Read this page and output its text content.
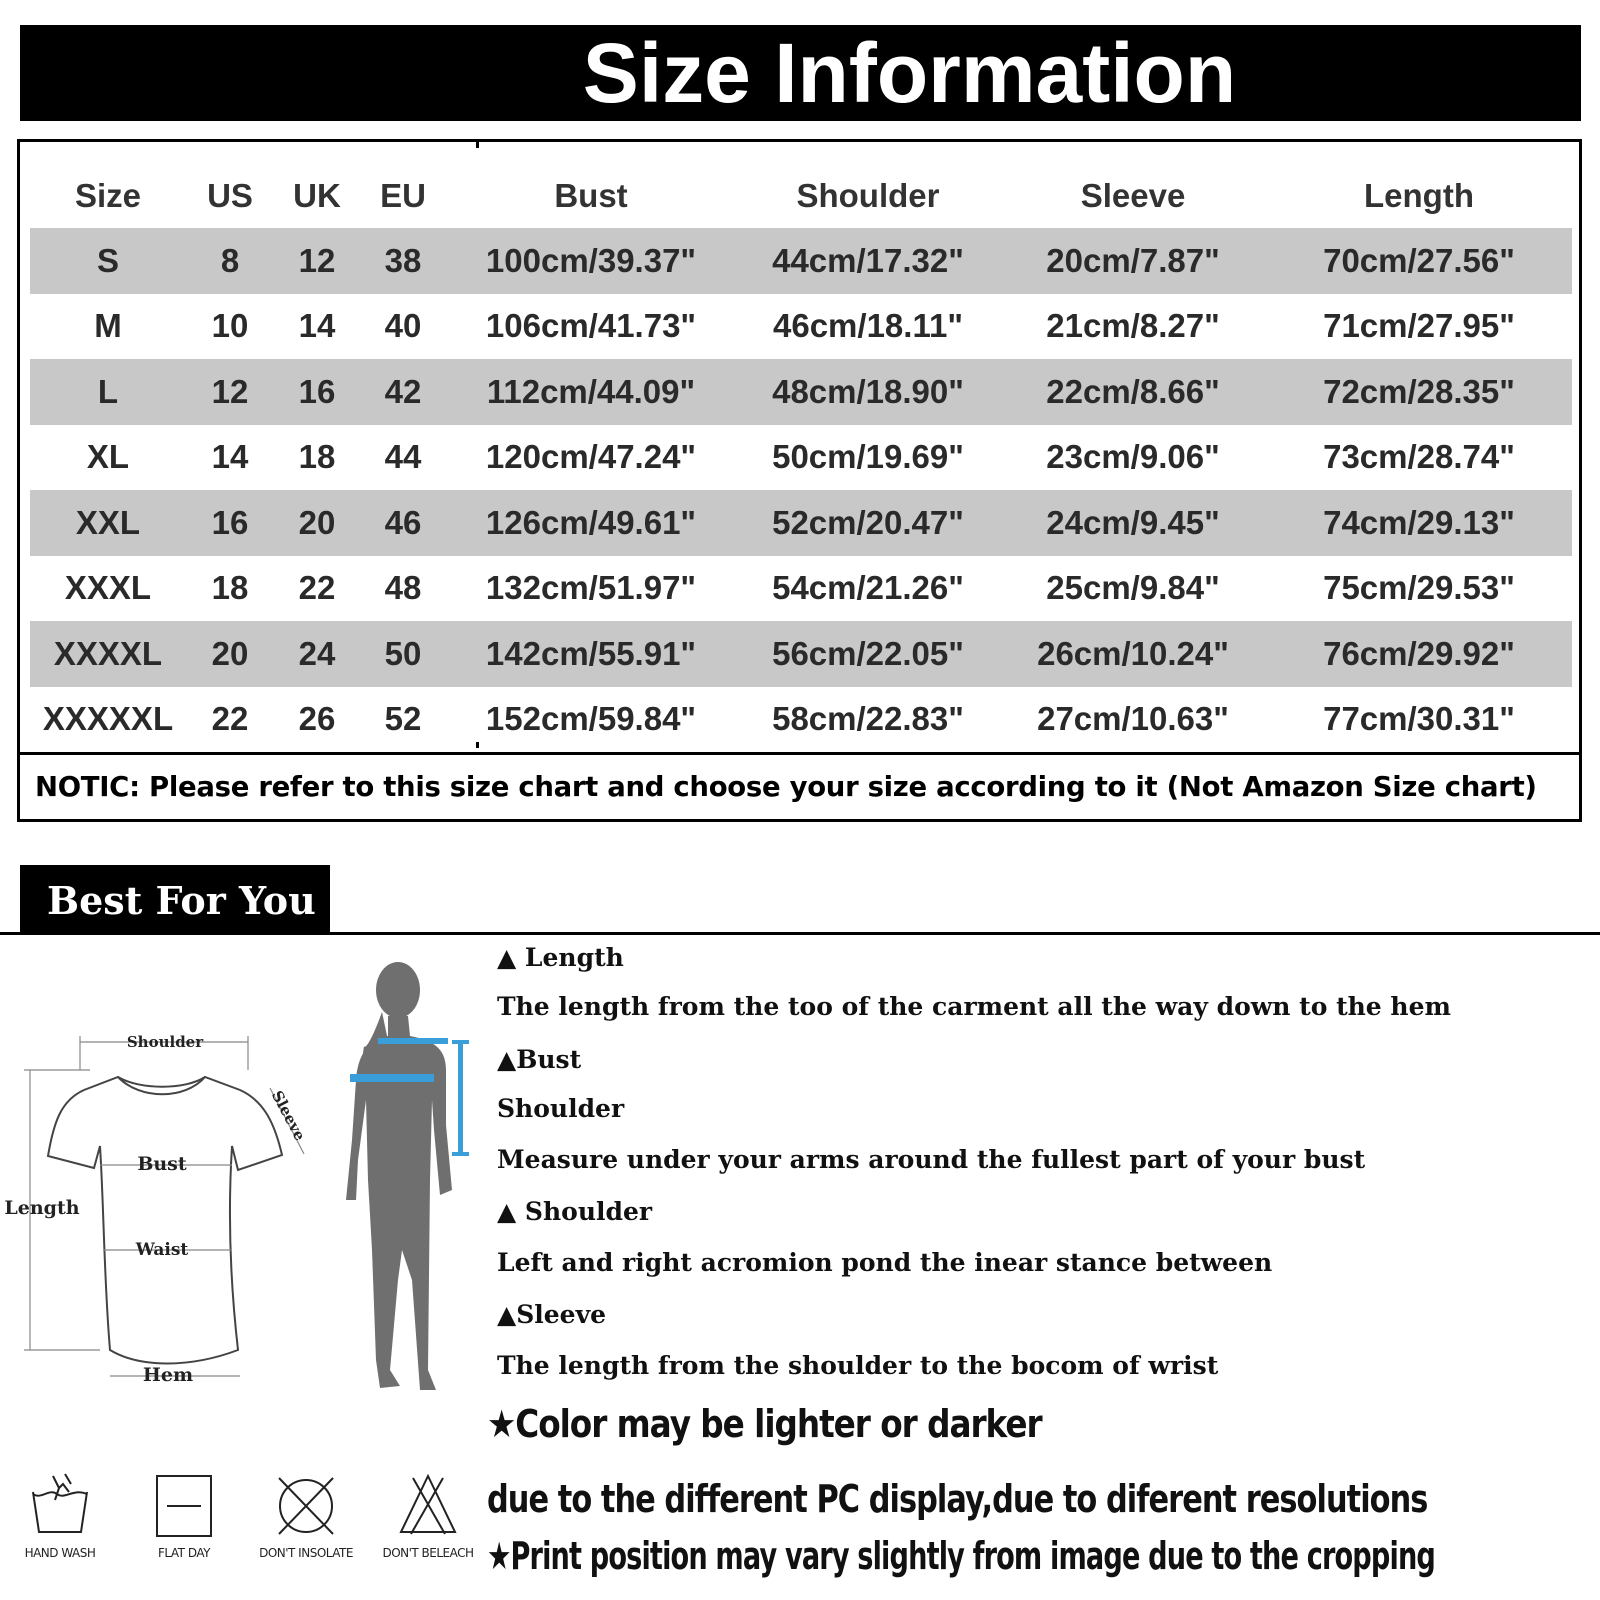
Size Information
Size	US	UK	EU	Bust	Shoulder	Sleeve	Length
S	8	12	38	100cm/39.37"	44cm/17.32"	20cm/7.87"	70cm/27.56"
M	10	14	40	106cm/41.73"	46cm/18.11"	21cm/8.27"	71cm/27.95"
L	12	16	42	112cm/44.09"	48cm/18.90"	22cm/8.66"	72cm/28.35"
XL	14	18	44	120cm/47.24"	50cm/19.69"	23cm/9.06"	73cm/28.74"
XXL	16	20	46	126cm/49.61"	52cm/20.47"	24cm/9.45"	74cm/29.13"
XXXL	18	22	48	132cm/51.97"	54cm/21.26"	25cm/9.84"	75cm/29.53"
XXXXL	20	24	50	142cm/55.91"	56cm/22.05"	26cm/10.24"	76cm/29.92"
XXXXXL	22	26	52	152cm/59.84"	58cm/22.83"	27cm/10.63"	77cm/30.31"
NOTIC: Please refer to this size chart and choose your size according to it (Not Amazon Size chart)
Best For You
Shoulder
Sleeve
Bust
Length
Waist
Hem
▲ Length
The length from the too of the carment all the way down to the hem
▲Bust
Shoulder
Measure under your arms around the fullest part of your bust
▲ Shoulder
Left and right acromion pond the inear stance between
▲Sleeve
The length from the shoulder to the bocom of wrist
★Color may be lighter or darker
due to the different PC display,due to diferent resolutions
★Print position may vary slightly from image due to the cropping
HAND WASH	FLAT DAY	DON'T INSOLATE	DON'T BELEACH
